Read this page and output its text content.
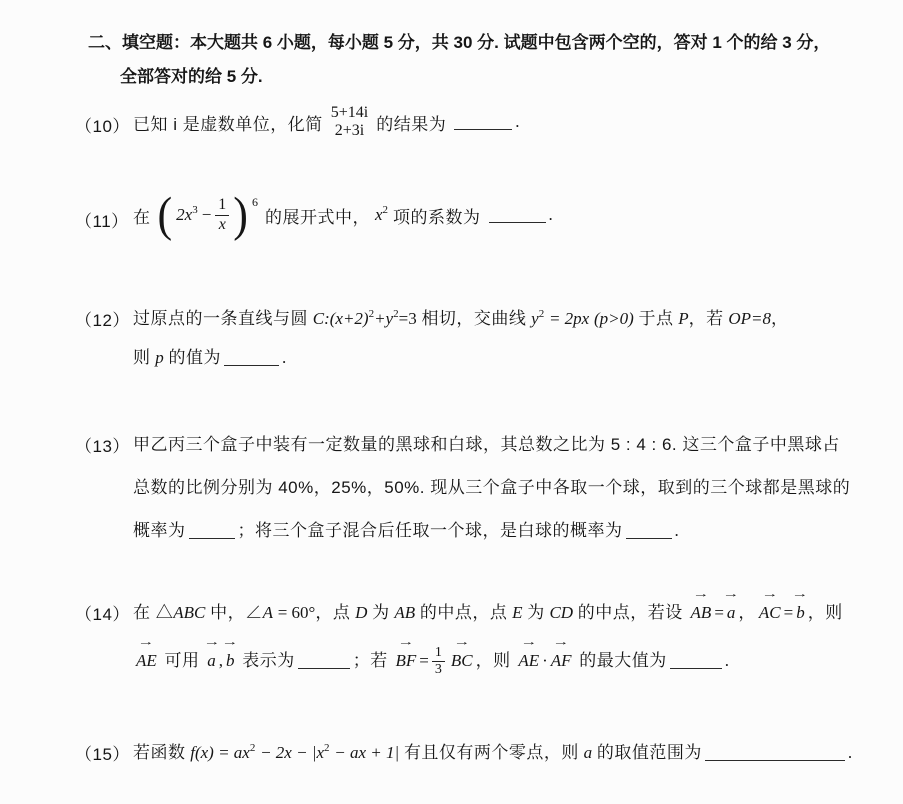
二、填空题：本大题共 6 小题，每小题 5 分，共 30 分. 试题中包含两个空的，答对 1 个的给 3 分，
全部答对的给 5 分.
（10） 已知 i 是虚数单位，化简
5+14i
2+3i 的结果为	.
（11） 在 ( $2x^3 - \frac{1}{x}$ ) 6
的展开式中， $x^2$ 项的系数为	.
（12） 过原点的一条直线与圆 $C:(x+2)^2+y^2=3$ 相切，交曲线 $y^2 = 2px$ (p>0) 于点 P，若 OP=8，
则 p 的值为	.
（13） 甲乙丙三个盒子中装有一定数量的黑球和白球，其总数之比为 5 : 4 : 6. 这三个盒子中黑球占
总数的比例分别为 40%，25%，50%. 现从三个盒子中各取一个球，取到的三个球都是黑球的
概率为	；将三个盒子混合后任取一个球，是白球的概率为	.
（14） 在 △ABC 中，∠A = 60°，点 D 为 AB 的中点，点 E 为 CD 的中点，若设
→
AB =
→
a ，
→
AC =
→
b ，则
→
AE 可用
→
a ,
→
b 表示为	；若
→
BF = $\frac{1}{3}$
→
BC ，则
→
AE ·
→
AF 的最大值为	.
（15） 若函数 $f(x) = ax^2 - 2x - |x^2$ − ax + 1| 有且仅有两个零点，则 a 的取值范围为	.
